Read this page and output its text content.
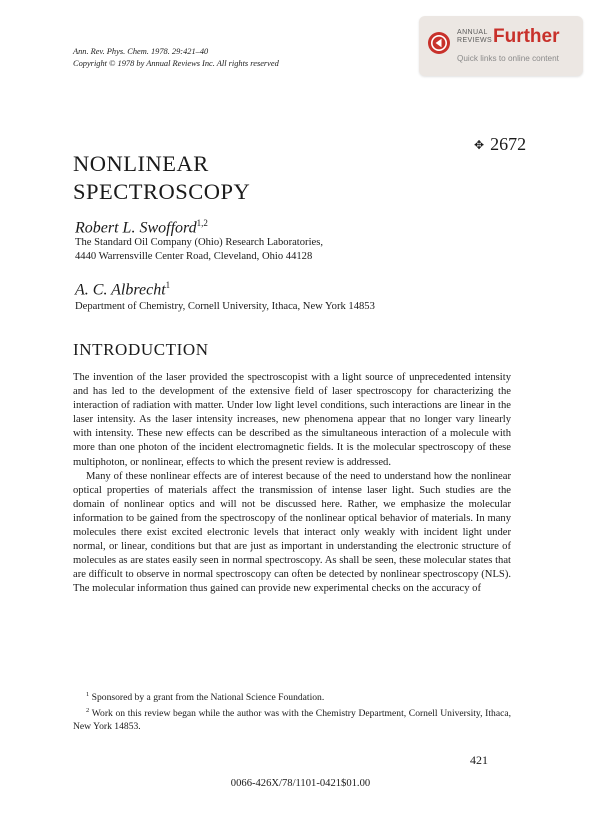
Ann. Rev. Phys. Chem. 1978. 29:421–40
Copyright © 1978 by Annual Reviews Inc. All rights reserved
ANNUAL
REVIEWS Further
Quick links to online content
✥ 2672
NONLINEAR
SPECTROSCOPY
Robert L. Swofford$^{1,2}$
The Standard Oil Company (Ohio) Research Laboratories,
4440 Warrensville Center Road, Cleveland, Ohio 44128
A. C. Albrecht$^1$
Department of Chemistry, Cornell University, Ithaca, New York 14853
INTRODUCTION

The invention of the laser provided the spectroscopist with a light source of unprecedented intensity and has led to the development of the extensive field of laser spectroscopy for characterizing the interaction of radiation with matter. Under low light level conditions, such interactions are linear in the laser intensity. As the laser intensity increases, new phenomena appear that no longer vary linearly with intensity. These new effects can be described as the simultaneous interaction of a molecule with more than one photon of the incident electromagnetic fields. It is the molecular spectroscopy of these multiphoton, or nonlinear, effects to which the present review is addressed.

Many of these nonlinear effects are of interest because of the need to understand how the nonlinear optical properties of materials affect the transmission of intense laser light. Such studies are the domain of nonlinear optics and will not be discussed here. Rather, we emphasize the molecular information to be gained from the spectroscopy of the nonlinear optical behavior of materials. In many molecules there exist excited electronic levels that interact only weakly with incident light under normal, or linear, conditions but that are just as important in understanding the electronic structure of molecules as are states easily seen in normal spectroscopy. As shall be seen, these molecular states that are difficult to observe in normal spectroscopy can often be detected by nonlinear spectroscopy (NLS). The molecular information thus gained can provide new experimental checks on the accuracy of

$^1$ Sponsored by a grant from the National Science Foundation.

$^2$ Work on this review began while the author was with the Chemistry Department, Cornell University, Ithaca, New York 14853.

421
0066-426X/78/1101-0421$01.00
